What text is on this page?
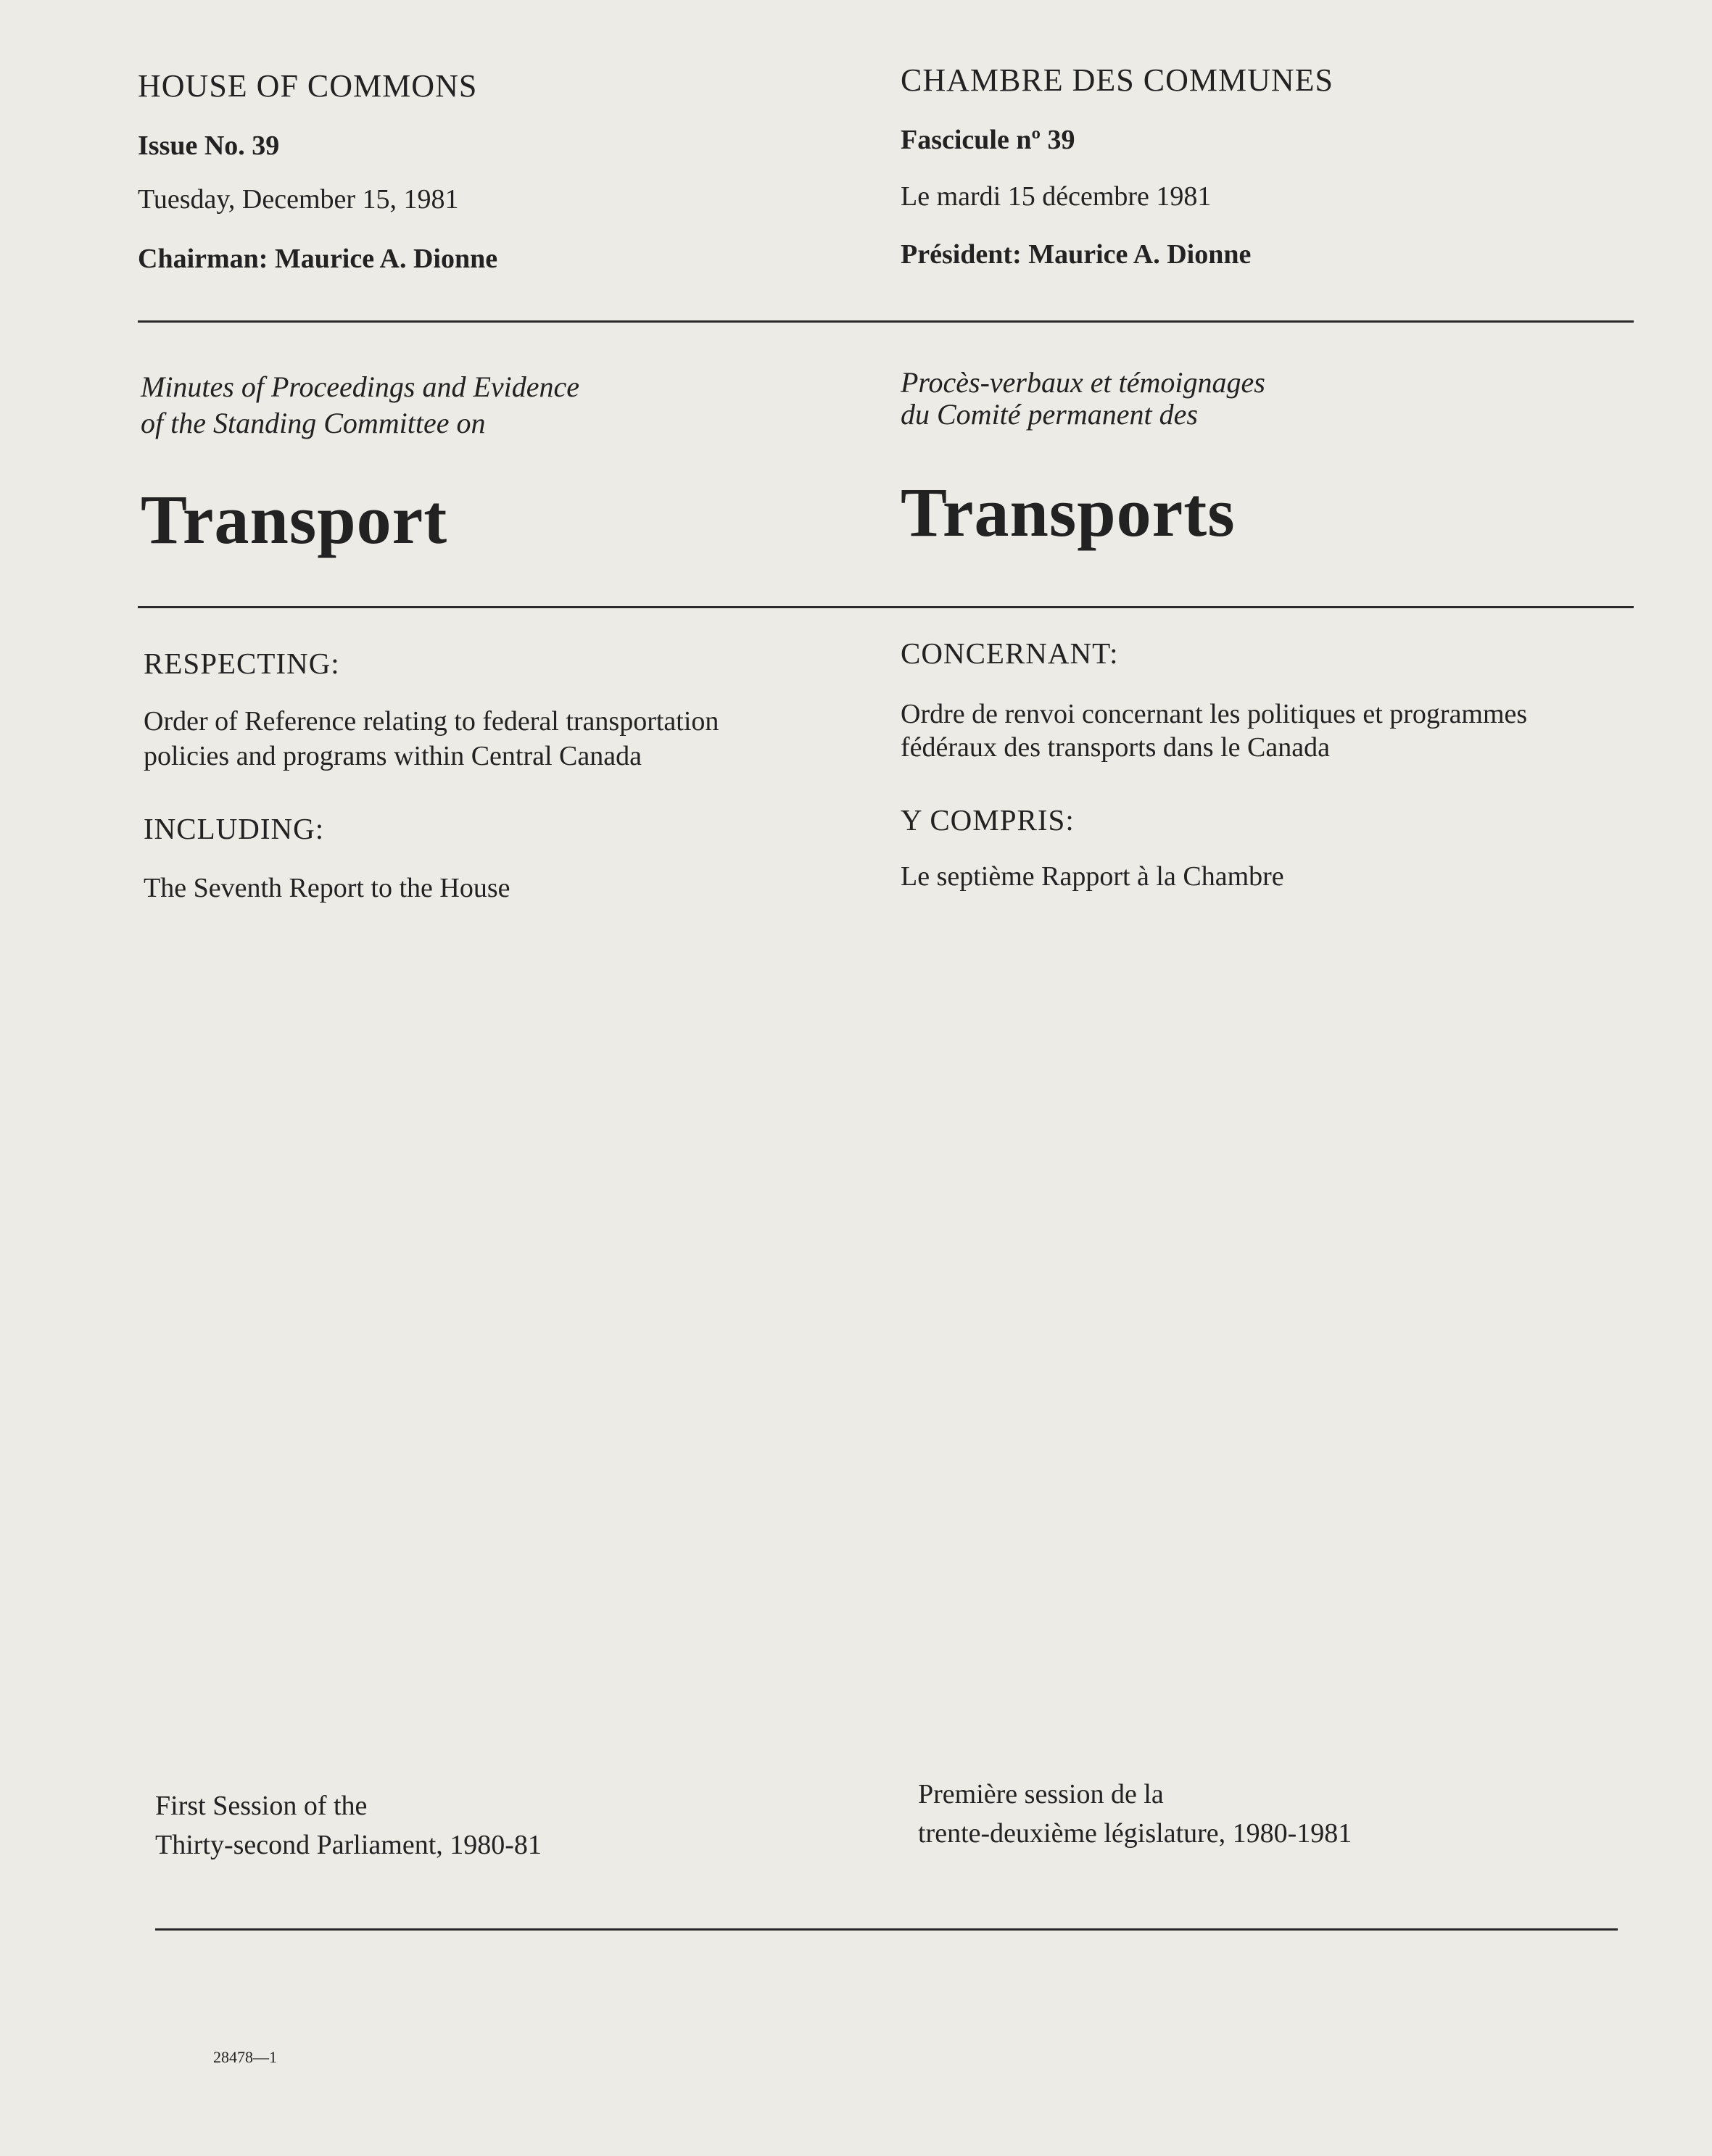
HOUSE OF COMMONS
Issue No. 39
Tuesday, December 15, 1981
Chairman: Maurice A. Dionne
Minutes of Proceedings and Evidence
of the Standing Committee on
Transport
RESPECTING:
Order of Reference relating to federal transportation
policies and programs within Central Canada
INCLUDING:
The Seventh Report to the House
First Session of the
Thirty-second Parliament, 1980-81
28478—1
CHAMBRE DES COMMUNES
Fascicule nº 39
Le mardi 15 décembre 1981
Président: Maurice A. Dionne
Procès-verbaux et témoignages
du Comité permanent des
Transports
CONCERNANT:
Ordre de renvoi concernant les politiques et programmes
fédéraux des transports dans le Canada
Y COMPRIS:
Le septième Rapport à la Chambre
Première session de la
trente-deuxième législature, 1980-1981
